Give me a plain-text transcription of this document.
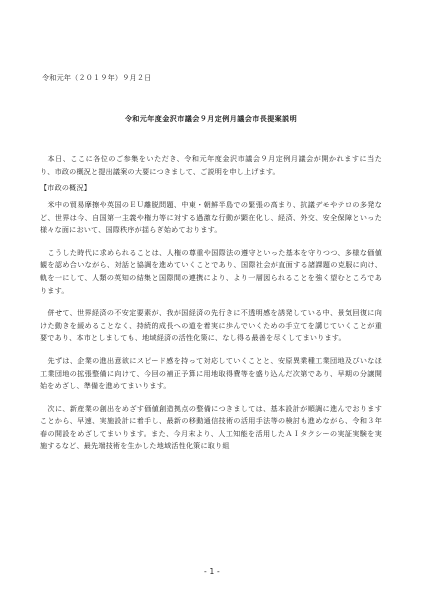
令和元年（２０１９年）９月２日
令和元年度金沢市議会９月定例月議会市長提案説明

本日、ここに各位のご参集をいただき、令和元年度金沢市議会９月定例月議会が開かれますに当たり、市政の概況と提出議案の大要につきまして、ご説明を申し上げます。

【市政の概況】

米中の貿易摩擦や英国のＥＵ離脱問題、中東・朝鮮半島での緊張の高まり、抗議デモやテロの多発など、世界は今、自国第一主義や権力等に対する過激な行動が顕在化し、経済、外交、安全保障といった様々な面において、国際秩序が揺らぎ始めております。

こうした時代に求められることは、人権の尊重や国際法の遵守といった基本を守りつつ、多様な価値観を認め合いながら、対話と協調を進めていくことであり、国際社会が直面する諸課題の克服に向け、軌を一にして、人類の英知の結集と国際間の連携により、より一層図られることを強く望むところであります。

併せて、世界経済の不安定要素が、我が国経済の先行きに不透明感を誘発している中、景気回復に向けた動きを緩めることなく、持続的成長への道を着実に歩んでいくための手立てを講じていくことが重要であり、本市としましても、地域経済の活性化策に、なし得る最善を尽くしてまいります。

先ずは、企業の進出意欲にスピード感を持って対応していくことと、安原異業種工業団地及びいなほ工業団地の拡張整備に向けて、今回の補正予算に用地取得費等を盛り込んだ次第であり、早期の分譲開始をめざし、準備を進めてまいります。

次に、新産業の創出をめざす価値創造拠点の整備につきましては、基本設計が順調に進んでおりますことから、早速、実施設計に着手し、最新の移動通信技術の活用手法等の検討も進めながら、令和３年春の開設をめざしてまいります。また、今月末より、人工知能を活用したＡＩタクシーの実証実験を実施するなど、最先端技術を生かした地域活性化策に取り組

- 1 -
